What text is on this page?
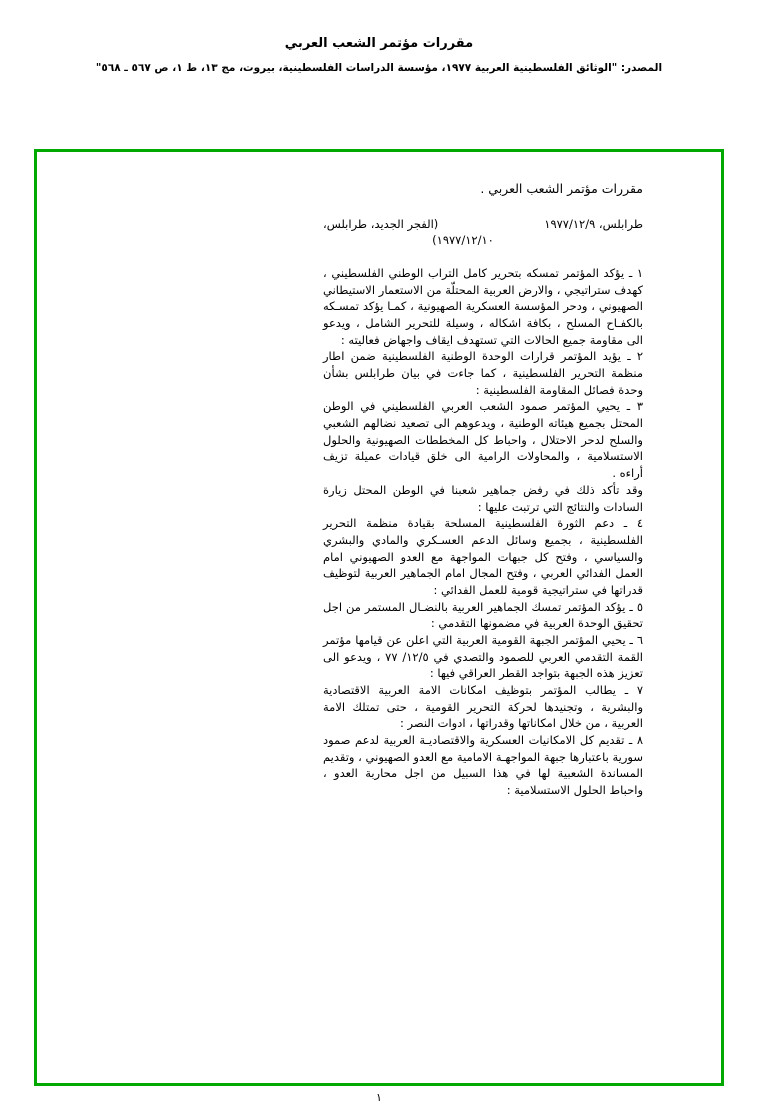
مقررات مؤتمر الشعب العربي
المصدر: "الوثائق الفلسطينية العربية ١٩٧٧، مؤسسة الدراسات الفلسطينية، بيروت، مج ١٣، ط ١، ص ٥٦٧ ـ ٥٦٨"
مقررات مؤتمر الشعب العربي .
طرابلس، ١٩٧٧/١٢/٩
(الفجر الجديد، طرابلس،
١٩٧٧/١٢/١٠)

١ ـ يؤكد المؤتمر تمسكه بتحرير كامل التراب الوطني الفلسطيني ، كهدف ستراتيجي ، والارض العربية المحتلّة من الاستعمار الاستيطاني الصهيوني ، ودحر المؤسسة العسكرية الصهيونية ، كمـا يؤكد تمسـكه بالكفـاح المسلح ، بكافة اشكاله ، وسيلة للتحرير الشامل ، ويدعو الى مقاومة جميع الحالات التي تستهدف ايقاف واجهاض فعاليته :

٢ ـ يؤيد المؤتمر قرارات الوحدة الوطنية الفلسطينية ضمن اطار منظمة التحرير الفلسطينية ، كما جاءت في بيان طرابلس بشأن وحدة فصائل المقاومة الفلسطينية :

٣ ـ يحيي المؤتمر صمود الشعب العربي الفلسطيني في الوطن المحتل بجميع هيئاته الوطنية ، ويدعوهم الى تصعيد نضالهم الشعبي والسلح لدحر الاحتلال ، واحباط كل المخططات الصهيونية والحلول الاستسلامية ، والمحاولات الرامية الى خلق قيادات عميلة تزيف أراءه .

وقد تأكد ذلك في رفض جماهير شعبنا في الوطن المحتل زيارة السادات والنتائج التي ترتبت عليها :

٤ ـ دعم الثورة الفلسطينية المسلحة بقيادة منظمة التحرير الفلسطينية ، بجميع وسائل الدعم العسـكري والمادي والبشري والسياسي ، وفتح كل جبهات المواجهة مع العدو الصهيوني امام العمل الفدائي العربي ، وفتح المجال امام الجماهير العربية لتوظيف قدراتها في ستراتيجية قومية للعمل الفدائي :

٥ ـ يؤكد المؤتمر تمسك الجماهير العربية بالنضـال المستمر من اجل تحقيق الوحدة العربية في مضمونها التقدمي :

٦ ـ يحيي المؤتمر الجبهة القومية العربية التي اعلن عن قيامها مؤتمر القمة التقدمي العربي للصمود والتصدي في ١٢/٥/ ٧٧ ، ويدعو الى تعزيز هذه الجبهة بتواجد القطر العراقي فيها :

٧ ـ يطالب المؤتمر بتوظيف امكانات الامة العربية الاقتصادية والبشرية ، وتجنيدها لحركة التحرير القومية ، حتى تمتلك الامة العربية ، من خلال امكاناتها وقدراتها ، ادوات النصر :

٨ ـ تقديم كل الامكانيات العسكرية والاقتصاديـة العربية لدعم صمود سورية باعتبارها جبهة المواجهـة الامامية مع العدو الصهيوني ، وتقديم المساندة الشعبية لها في هذا السبيل من اجل محاربة العدو ، واحباط الحلول الاستسلامية :

١
